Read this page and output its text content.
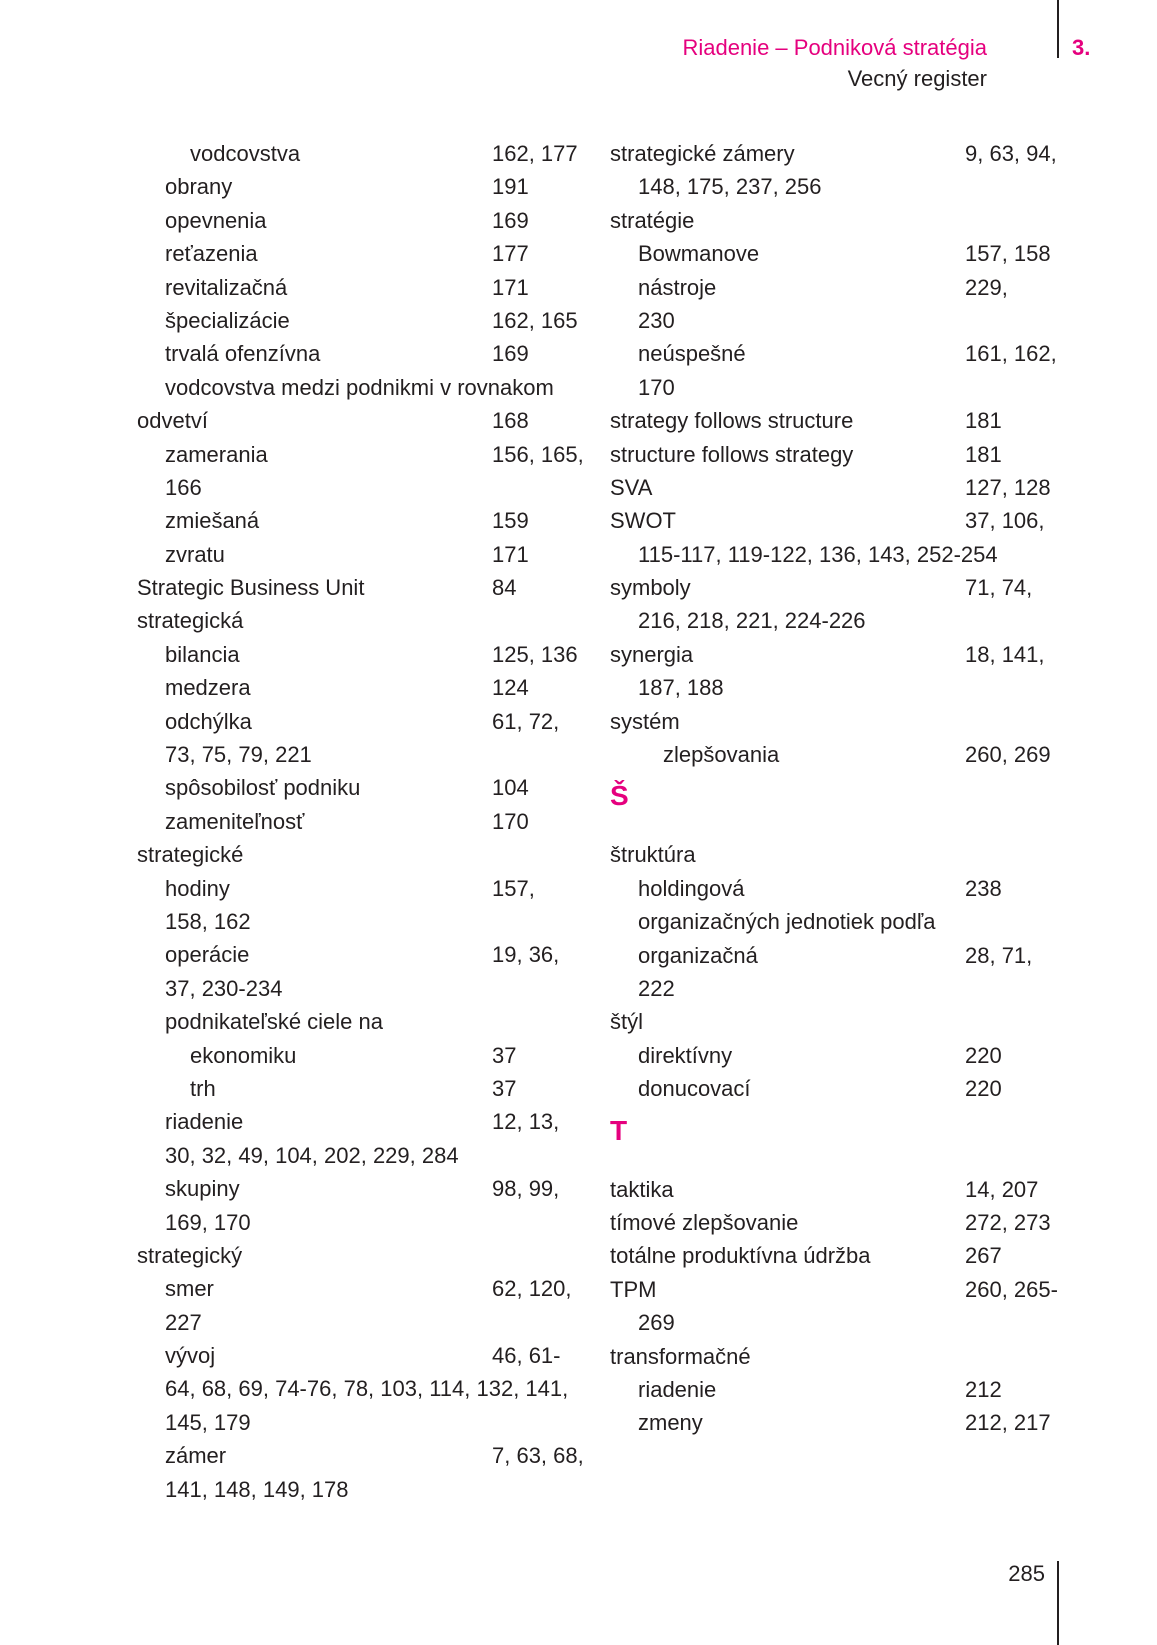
Riadenie – Podniková stratégia
Vecný register
3.
vodcovstva	162, 177
obrany	191
opevnenia	169
reťazenia	177
revitalizačná	171
špecializácie	162, 165
trvalá ofenzívna	169
vodcovstva medzi podnikmi v rovnakom
odvetví	168
zamerania	156, 165,
166
zmiešaná	159
zvratu	171
Strategic Business Unit	84
strategická
bilancia	125, 136
medzera	124
odchýlka	61, 72,
73, 75, 79, 221
spôsobilosť podniku	104
zameniteľnosť	170
strategické
hodiny	157,
158, 162
operácie	19, 36,
37, 230-234
podnikateľské ciele na
ekonomiku	37
trh	37
riadenie	12, 13,
30, 32, 49, 104, 202, 229, 284
skupiny	98, 99,
169, 170
strategický
smer	62, 120,
227
vývoj	46, 61-
64, 68, 69, 74-76, 78, 103, 114, 132, 141,
145, 179
zámer	7, 63, 68,
141, 148, 149, 178
strategické zámery	9, 63, 94,
148, 175, 237, 256
stratégie
Bowmanove	157, 158
nástroje	229,
230
neúspešné	161, 162,
170
strategy follows structure	181
structure follows strategy	181
SVA	127, 128
SWOT	37, 106,
115-117, 119-122, 136, 143, 252-254
symboly	71, 74,
216, 218, 221, 224-226
synergia	18, 141,
187, 188
systém
zlepšovania	260, 269
Š
štruktúra
holdingová	238
organizačných jednotiek podľa
organizačná	28, 71,
222
štýl
direktívny	220
donucovací	220
T
taktika	14, 207
tímové zlepšovanie	272, 273
totálne produktívna údržba	267
TPM	260, 265-
269
transformačné
riadenie	212
zmeny	212, 217
285
